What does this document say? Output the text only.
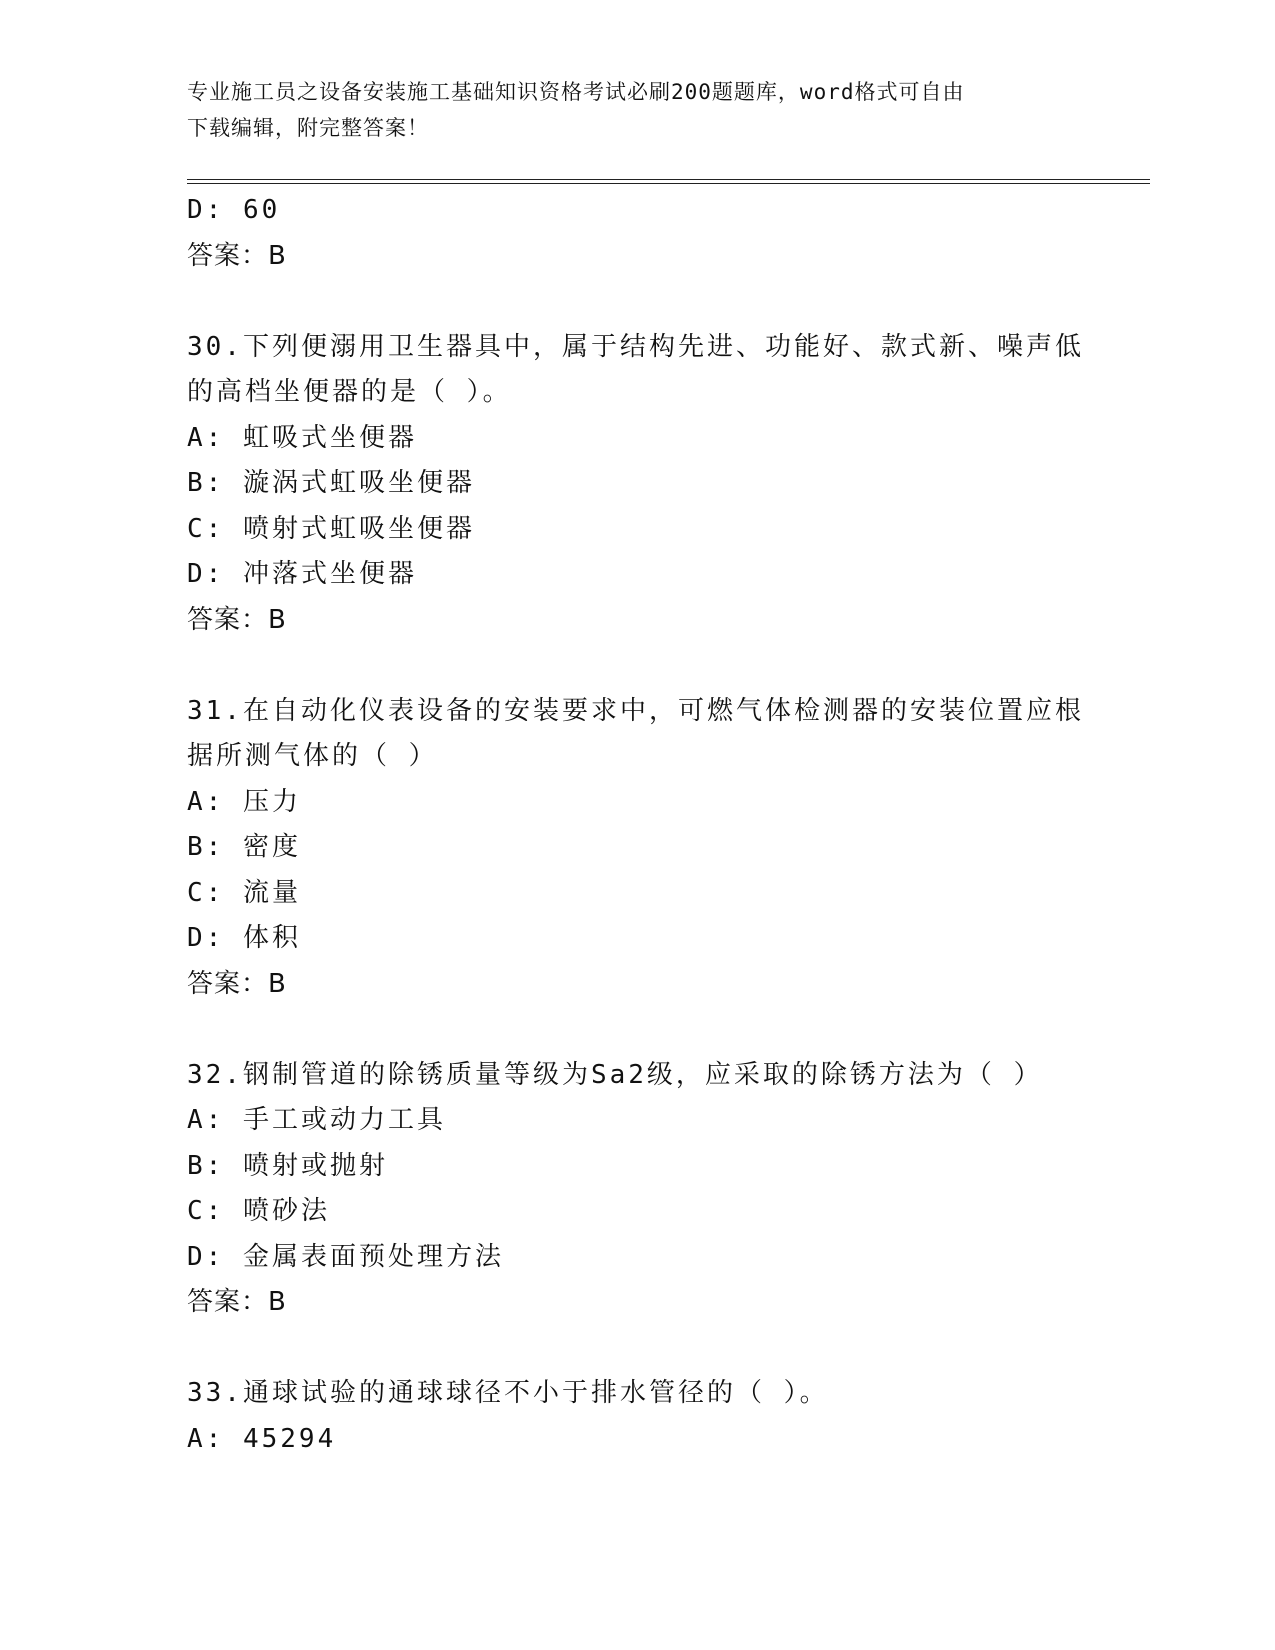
专业施工员之设备安装施工基础知识资格考试必刷200题题库，word格式可自由
下载编辑，附完整答案！
D: 60
答案：B
30.下列便溺用卫生器具中，属于结构先进、功能好、款式新、噪声低
的高档坐便器的是（ ）。
A: 虹吸式坐便器
B: 漩涡式虹吸坐便器
C: 喷射式虹吸坐便器
D: 冲落式坐便器
答案：B
31.在自动化仪表设备的安装要求中，可燃气体检测器的安装位置应根
据所测气体的（ ）
A: 压力
B: 密度
C: 流量
D: 体积
答案：B
32.钢制管道的除锈质量等级为Sa2级，应采取的除锈方法为（ ）
A: 手工或动力工具
B: 喷射或抛射
C: 喷砂法
D: 金属表面预处理方法
答案：B
33.通球试验的通球球径不小于排水管径的（ ）。
A: 45294
